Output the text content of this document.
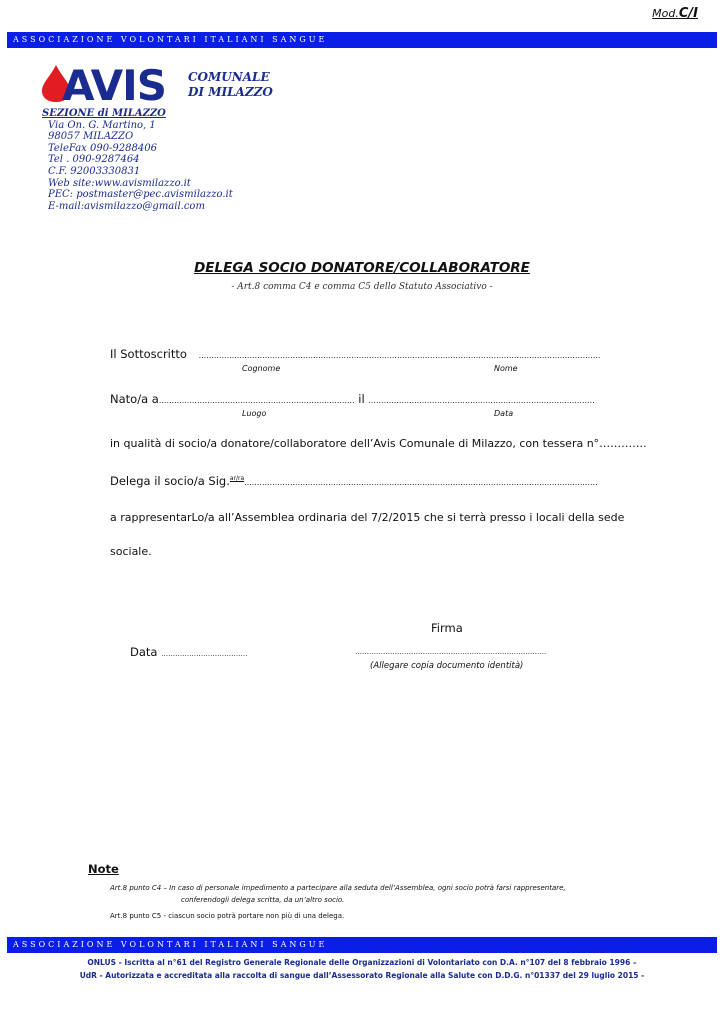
Mod.C/I
ASSOCIAZIONE VOLONTARI ITALIANI SANGUE
AVIS COMUNALE
DI MILAZZO
SEZIONE di MILAZZO
Via On. G. Martino, 1
98057 MILAZZO
TeleFax 090-9288406
Tel . 090-9287464
C.F. 92003330831
Web site:www.avismilazzo.it
PEC: postmaster@pec.avismilazzo.it
E-mail:avismilazzo@gmail.com
DELEGA SOCIO DONATORE/COLLABORATORE
- Art.8 comma C4 e comma C5 dello Statuto Associativo -
Il Sottoscritto ..............................................................................................................................................................
Cognome	Nome
Nato/a a............................................................................. il .........................................................................................
Luogo	Data
in qualità di socio/a donatore/collaboratore dell’Avis Comunale di Milazzo, con tessera n°………….
Delega il socio/a Sig.$^{ar/ra}$...........................................................................................................................................
a rappresentarLo/a all’Assemblea ordinaria del 7/2/2015 che si terrà presso i locali della sede
sociale.
Firma
Data ……………………………….	……………………………………………………………………….
(Allegare copia documento identità)
Note
Art.8 punto C4 – In caso di personale impedimento a partecipare alla seduta dell’Assemblea, ogni socio potrà farsi rappresentare,
conferendogli delega scritta, da un’altro socio.
Art.8 punto C5 - ciascun socio potrà portare non più di una delega.
ASSOCIAZIONE VOLONTARI ITALIANI SANGUE
ONLUS - Iscritta al n°61 del Registro Generale Regionale delle Organizzazioni di Volontariato con D.A. n°107 del 8 febbraio 1996 –
UdR - Autorizzata e accreditata alla raccolta di sangue dall’Assessorato Regionale alla Salute con D.D.G. n°01337 del 29 luglio 2015 -
